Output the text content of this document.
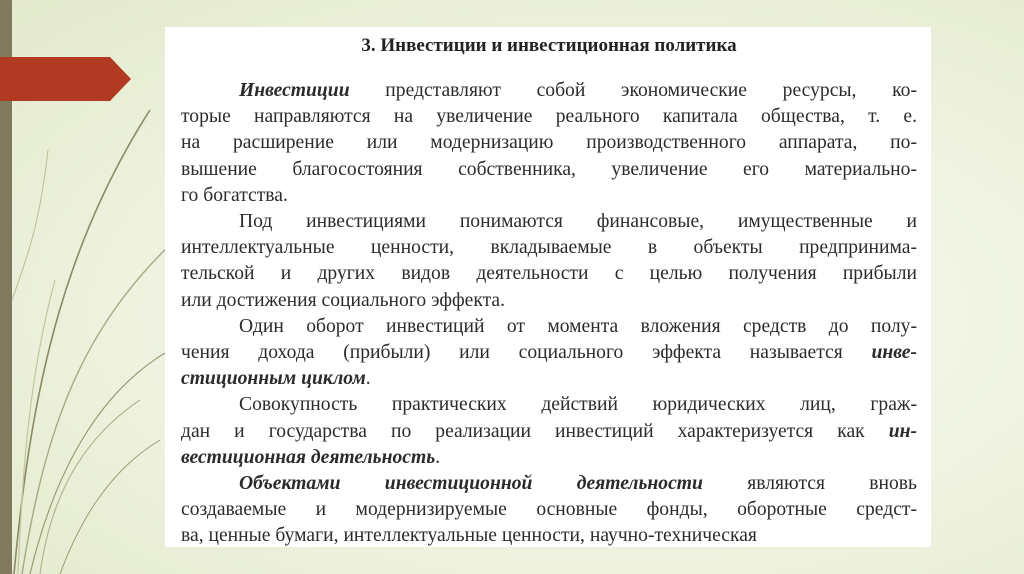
3. Инвестиции и инвестиционная политика
Инвестиции представляют собой экономические ресурсы, ко-
торые направляются на увеличение реального капитала общества, т. е.
на расширение или модернизацию производственного аппарата, по-
вышение благосостояния собственника, увеличение его материально-
го богатства.
Под инвестициями понимаются финансовые, имущественные и
интеллектуальные ценности, вкладываемые в объекты предпринима-
тельской и других видов деятельности с целью получения прибыли
или достижения социального эффекта.
Один оборот инвестиций от момента вложения средств до полу-
чения дохода (прибыли) или социального эффекта называется инве-
стиционным циклом.
Совокупность практических действий юридических лиц, граж-
дан и государства по реализации инвестиций характеризуется как ин-
вестиционная деятельность.
Объектами инвестиционной деятельности являются вновь
создаваемые и модернизируемые основные фонды, оборотные средст-
ва, ценные бумаги, интеллектуальные ценности, научно-техническая
